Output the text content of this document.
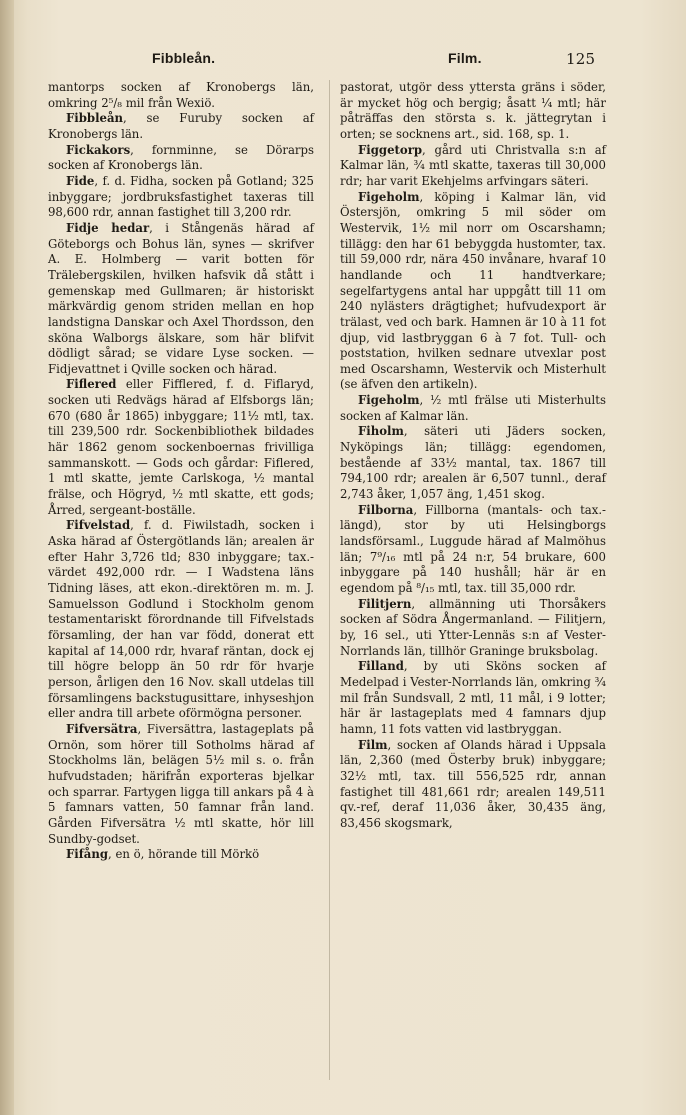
Fibbleån.	Film.	125

mantorps socken af Kronobergs län, omkring 2⁵/₈ mil från Wexiö.

Fibbleån, se Furuby socken af Kronobergs län.

Fickakors, fornminne, se Dörarps socken af Kronobergs län.

Fide, f. d. Fidha, socken på Gotland; 325 inbyggare; jordbruksfastighet taxeras till 98,600 rdr, annan fastighet till 3,200 rdr.

Fidje hedar, i Stångenäs härad af Göteborgs och Bohus län, synes — skrifver A. E. Holmberg — varit botten för Trälebergskilen, hvilken hafsvik då stått i gemenskap med Gullmaren; är historiskt märkvärdig genom striden mellan en hop landstigna Danskar och Axel Thordsson, den sköna Walborgs älskare, som här blifvit dödligt sårad; se vidare Lyse socken. — Fidjevattnet i Qville socken och härad.

Fiflered eller Fifflered, f. d. Fiflaryd, socken uti Redvägs härad af Elfsborgs län; 670 (680 år 1865) inbyggare; 11½ mtl, tax. till 239,500 rdr. Sockenbibliothek bildades här 1862 genom sockenboernas frivilliga sammanskott. — Gods och gårdar: Fiflered, 1 mtl skatte, jemte Carlskoga, ½ mantal frälse, och Högryd, ½ mtl skatte, ett gods; Årred, sergeant-boställe.

Fifvelstad, f. d. Fiwilstadh, socken i Aska härad af Östergötlands län; arealen är efter Hahr 3,726 tld; 830 inbyggare; tax.-värdet 492,000 rdr. — I Wadstena läns Tidning läses, att ekon.-direktören m. m. J. Samuelsson Godlund i Stockholm genom testamentariskt förordnande till Fifvelstads församling, der han var född, donerat ett kapital af 14,000 rdr, hvaraf räntan, dock ej till högre belopp än 50 rdr för hvarje person, årligen den 16 Nov. skall utdelas till församlingens backstugusittare, inhyseshjon eller andra till arbete oförmögna personer.

Fifversätra, Fiversättra, lastageplats på Ornön, som hörer till Sotholms härad af Stockholms län, belägen 5½ mil s. o. från hufvudstaden; härifrån exporteras bjelkar och sparrar. Fartygen ligga till ankars på 4 à 5 famnars vatten, 50 famnar från land. Gården Fifversätra ½ mtl skatte, hör lill Sundby-godset.

Fifång, en ö, hörande till Mörkö

pastorat, utgör dess yttersta gräns i söder, är mycket hög och bergig; åsatt ¼ mtl; här påträffas den största s. k. jättegrytan i orten; se socknens art., sid. 168, sp. 1.

Figgetorp, gård uti Christvalla s:n af Kalmar län, ¾ mtl skatte, taxeras till 30,000 rdr; har varit Ekehjelms arfvingars säteri.

Figeholm, köping i Kalmar län, vid Östersjön, omkring 5 mil söder om Westervik, 1½ mil norr om Oscarshamn; tillägg: den har 61 bebyggda hustomter, tax. till 59,000 rdr, nära 450 invånare, hvaraf 10 handlande och 11 handtverkare; segelfartygens antal har uppgått till 11 om 240 nylästers drägtighet; hufvudexport är trälast, ved och bark. Hamnen är 10 à 11 fot djup, vid lastbryggan 6 à 7 fot. Tull- och poststation, hvilken sednare utvexlar post med Oscarshamn, Westervik och Misterhult (se äfven den artikeln).

Figeholm, ½ mtl frälse uti Misterhults socken af Kalmar län.

Fiholm, säteri uti Jäders socken, Nyköpings län; tillägg: egendomen, bestående af 33½ mantal, tax. 1867 till 794,100 rdr; arealen är 6,507 tunnl., deraf 2,743 åker, 1,057 äng, 1,451 skog.

Filborna, Fillborna (mantals- och tax.-längd), stor by uti Helsingborgs landsförsaml., Luggude härad af Malmöhus län; 7⁹/₁₆ mtl på 24 n:r, 54 brukare, 600 inbyggare på 140 hushåll; här är en egendom på ⁸/₁₅ mtl, tax. till 35,000 rdr.

Filitjern, allmänning uti Thorsåkers socken af Södra Ångermanland. — Filitjern, by, 16 sel., uti Ytter-Lennäs s:n af Vester-Norrlands län, tillhör Graninge bruksbolag.

Filland, by uti Sköns socken af Medelpad i Vester-Norrlands län, omkring ¾ mil från Sundsvall, 2 mtl, 11 mål, i 9 lotter; här är lastageplats med 4 famnars djup hamn, 11 fots vatten vid lastbryggan.

Film, socken af Olands härad i Uppsala län, 2,360 (med Österby bruk) inbyggare; 32½ mtl, tax. till 556,525 rdr, annan fastighet till 481,661 rdr; arealen 149,511 qv.-ref, deraf 11,036 åker, 30,435 äng, 83,456 skogsmark,
